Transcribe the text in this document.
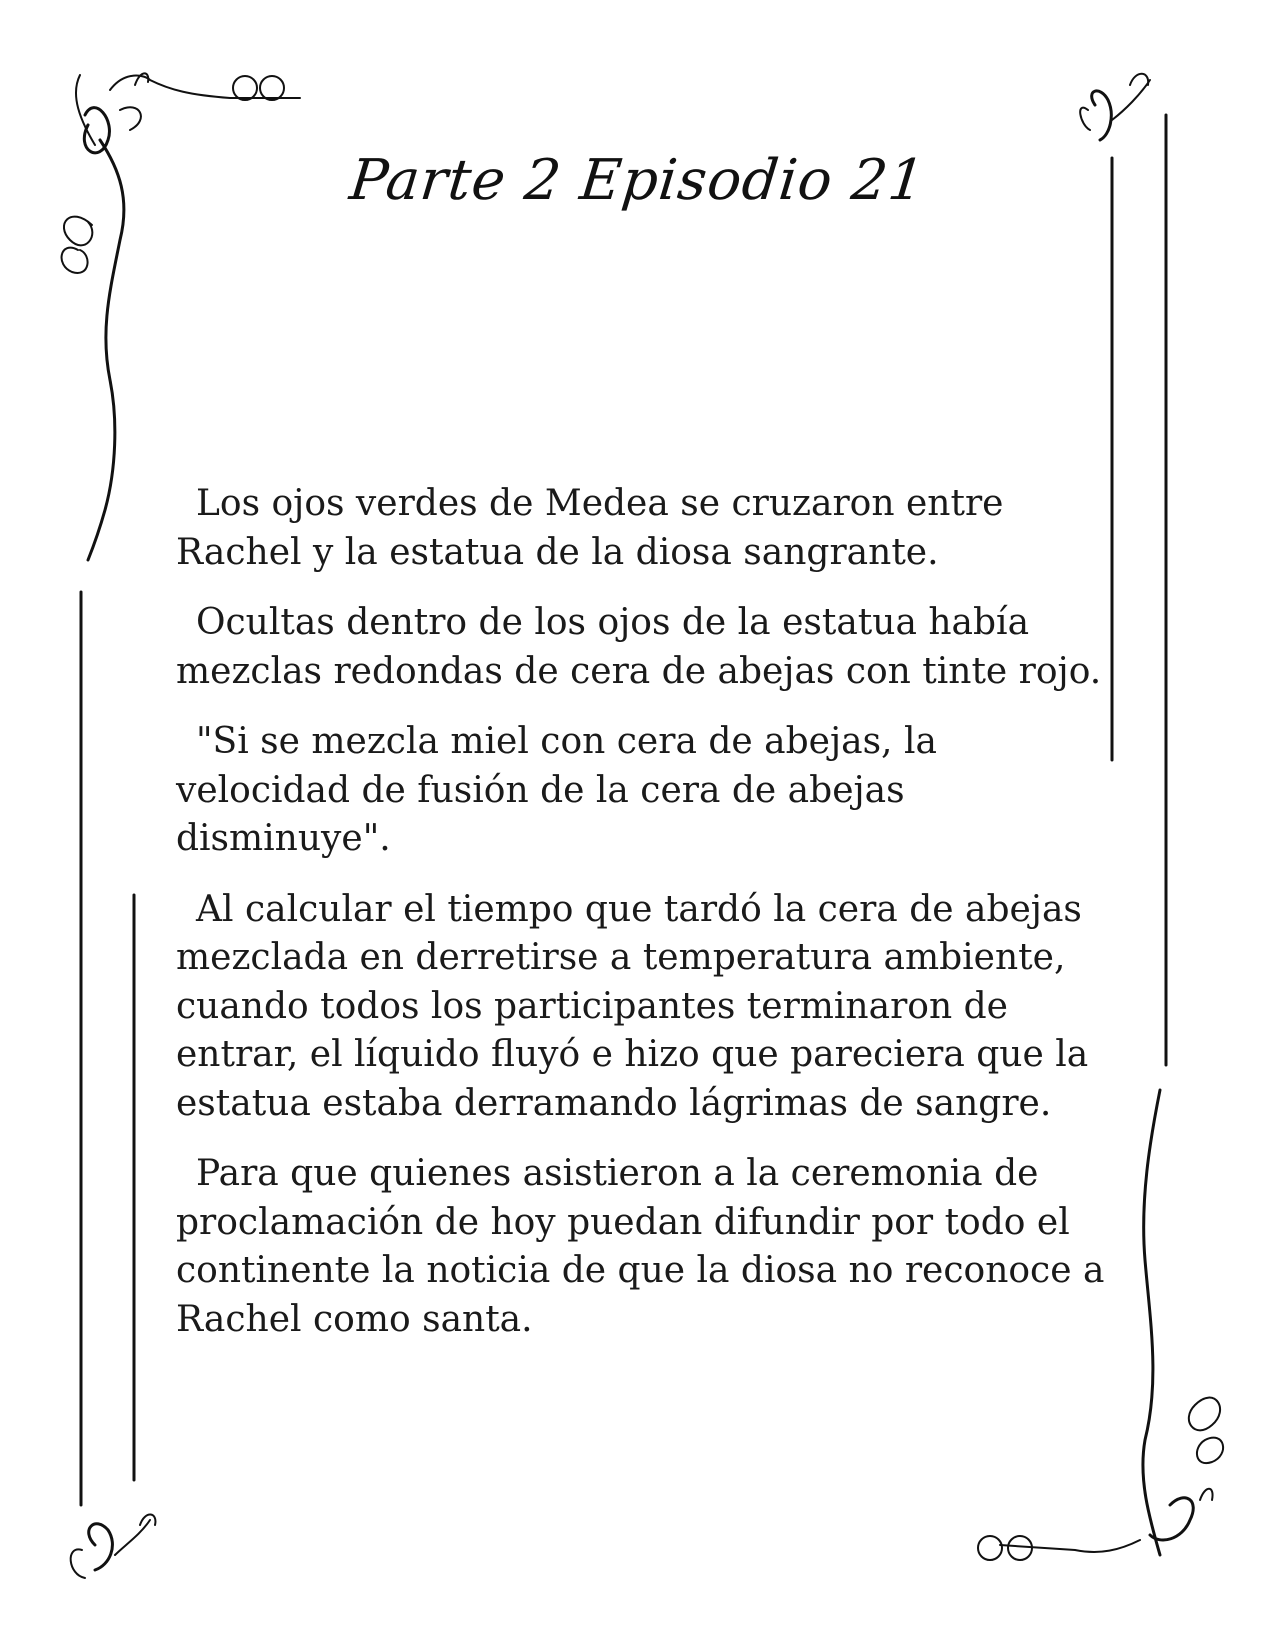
Parte 2 Episodio 21

Los ojos verdes de Medea se cruzaron entre Rachel y la estatua de la diosa sangrante.

Ocultas dentro de los ojos de la estatua había mezclas redondas de cera de abejas con tinte rojo.

"Si se mezcla miel con cera de abejas, la velocidad de fusión de la cera de abejas disminuye".

Al calcular el tiempo que tardó la cera de abejas mezclada en derretirse a temperatura ambiente, cuando todos los participantes terminaron de entrar, el líquido fluyó e hizo que pareciera que la estatua estaba derramando lágrimas de sangre.

Para que quienes asistieron a la ceremonia de proclamación de hoy puedan difundir por todo el continente la noticia de que la diosa no reconoce a Rachel como santa.
